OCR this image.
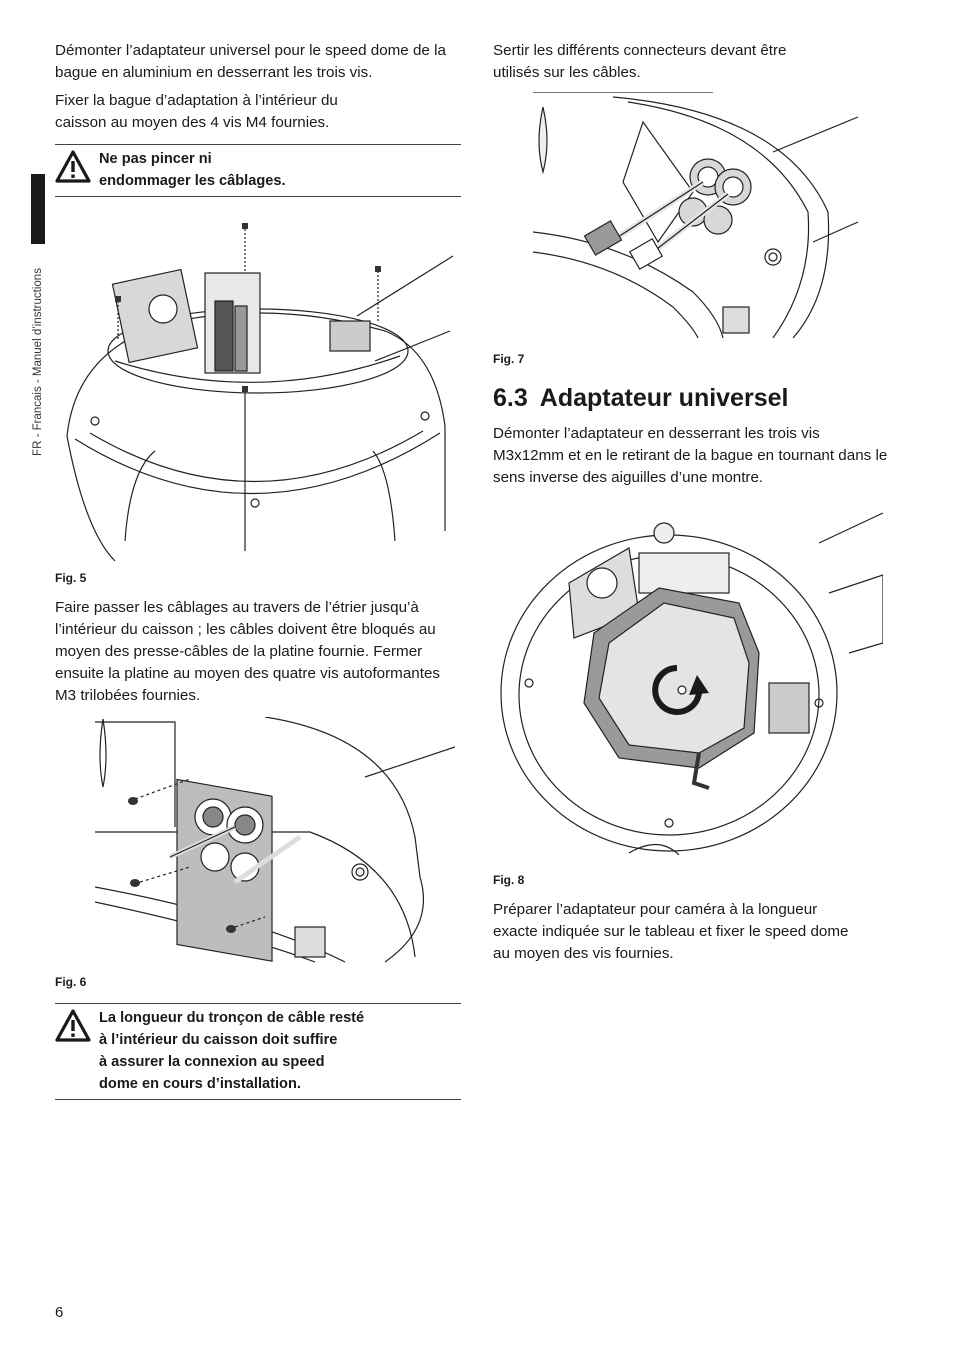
FR - Francais - Manuel d’instructions

Démonter l’adaptateur universel pour le speed dome de la bague en aluminium en desserrant les trois vis.

Fixer la bague d’adaptation à l’intérieur du caisson au moyen des 4 vis M4 fournies.

Ne pas pincer ni
endommager les câblages.

Fig. 5

Faire passer les câblages au travers de l’étrier jusqu’à l’intérieur du caisson ; les câbles doivent être bloqués au moyen des presse-câbles de la platine fournie. Fermer ensuite la platine au moyen des quatre vis autoformantes M3 trilobées fournies.

Fig. 6

La longueur du tronçon de câble resté
à l’intérieur du caisson doit suffire
à assurer la connexion au speed
dome en cours d’installation.

Sertir les différents connecteurs devant être utilisés sur les câbles.

Fig. 7

6.3 Adaptateur universel

Démonter l’adaptateur en desserrant les trois vis M3x12mm et en le retirant de la bague en tournant dans le sens inverse des aiguilles d’une montre.

Fig. 8

Préparer l’adaptateur pour caméra à la longueur exacte indiquée sur le tableau et fixer le speed dome au moyen des vis fournies.

6
